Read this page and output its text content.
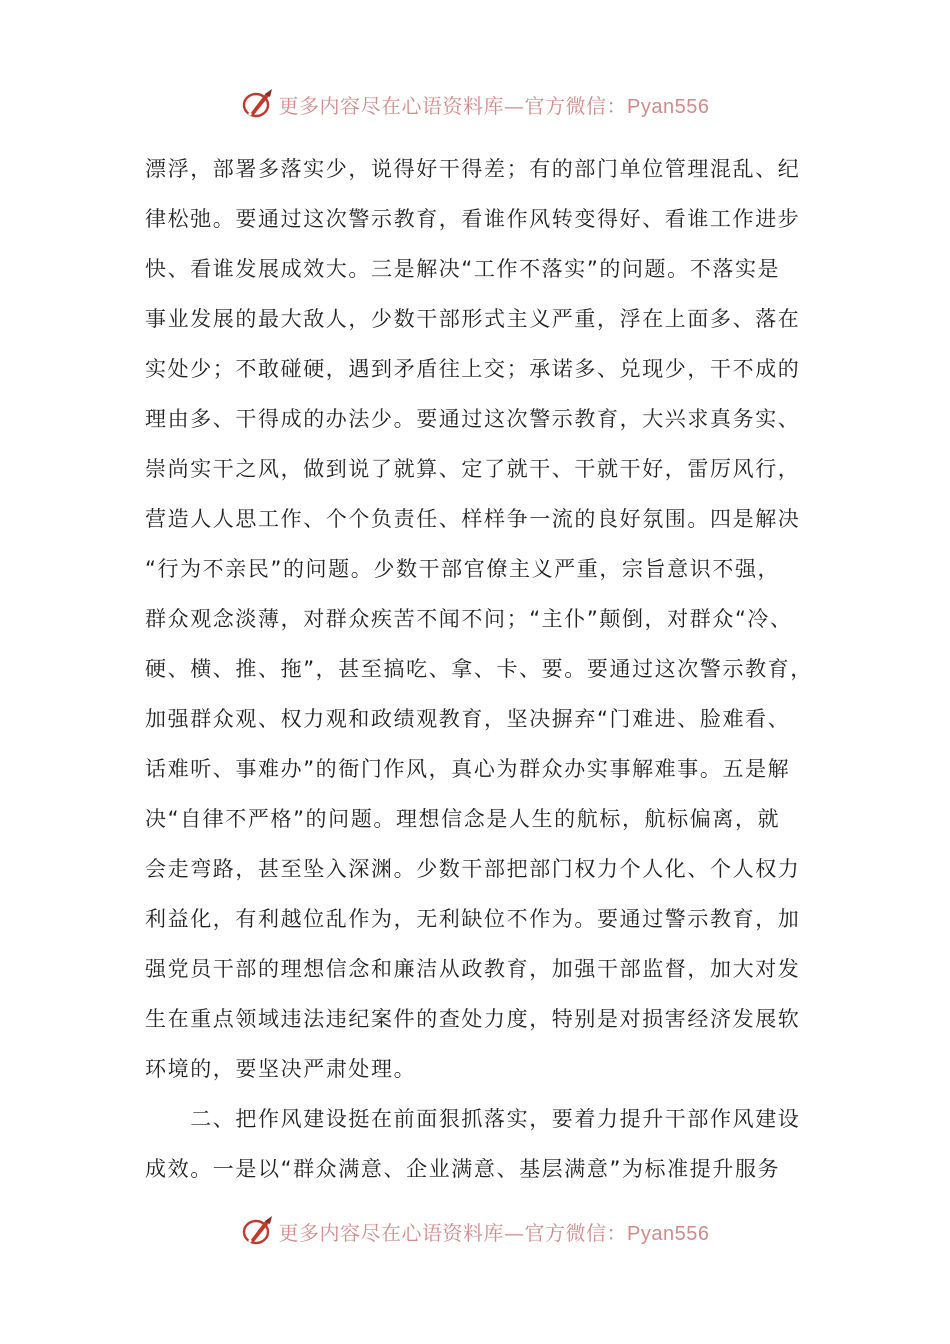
更多内容尽在心语资料库—官方微信：Pyan556
漂浮，部署多落实少，说得好干得差；有的部门单位管理混乱、纪
律松弛。要通过这次警示教育，看谁作风转变得好、看谁工作进步
快、看谁发展成效大。三是解决“工作不落实”的问题。不落实是
事业发展的最大敌人，少数干部形式主义严重，浮在上面多、落在
实处少；不敢碰硬，遇到矛盾往上交；承诺多、兑现少，干不成的
理由多、干得成的办法少。要通过这次警示教育，大兴求真务实、
崇尚实干之风，做到说了就算、定了就干、干就干好，雷厉风行，
营造人人思工作、个个负责任、样样争一流的良好氛围。四是解决
“行为不亲民”的问题。少数干部官僚主义严重，宗旨意识不强，
群众观念淡薄，对群众疾苦不闻不问；“主仆”颠倒，对群众“冷、
硬、横、推、拖”，甚至搞吃、拿、卡、要。要通过这次警示教育，
加强群众观、权力观和政绩观教育，坚决摒弃“门难进、脸难看、
话难听、事难办”的衙门作风，真心为群众办实事解难事。五是解
决“自律不严格”的问题。理想信念是人生的航标，航标偏离，就
会走弯路，甚至坠入深渊。少数干部把部门权力个人化、个人权力
利益化，有利越位乱作为，无利缺位不作为。要通过警示教育，加
强党员干部的理想信念和廉洁从政教育，加强干部监督，加大对发
生在重点领域违法违纪案件的查处力度，特别是对损害经济发展软
环境的，要坚决严肃处理。
　　二、把作风建设挺在前面狠抓落实，要着力提升干部作风建设
成效。一是以“群众满意、企业满意、基层满意”为标准提升服务
更多内容尽在心语资料库—官方微信：Pyan556
